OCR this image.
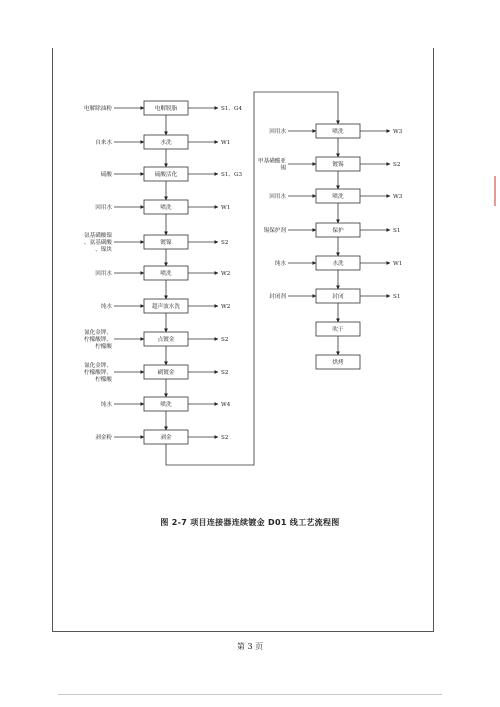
电解脱脂
电解除油粉	S1、G4
水洗
自来水	W1
硫酸活化
硫酸	S1、G3
喷洗
回用水	W1
镀镍
氨基磺酸镍
、氨基磺酸
、镍块
S2
喷洗
回用水	W2
超声波水洗
纯水	W2
点镀金
氰化金钾、
柠檬酸钾、
柠檬酸
S2
刷镀金
氰化金钾、
柠檬酸钾、
柠檬酸
S2
喷洗
纯水	W4
剥金
剥金粉	S2
喷洗
回用水	W3
镀锡
甲基磺酸亚
锡
S2
喷洗
回用水	W3
保护
锡保护剂	S1
水洗
纯水	W1
封闭
封闭剂	S1
吹干
烘烤
图 2-7 项目连接器连续镀金 D01 线工艺流程图
第 3 页
